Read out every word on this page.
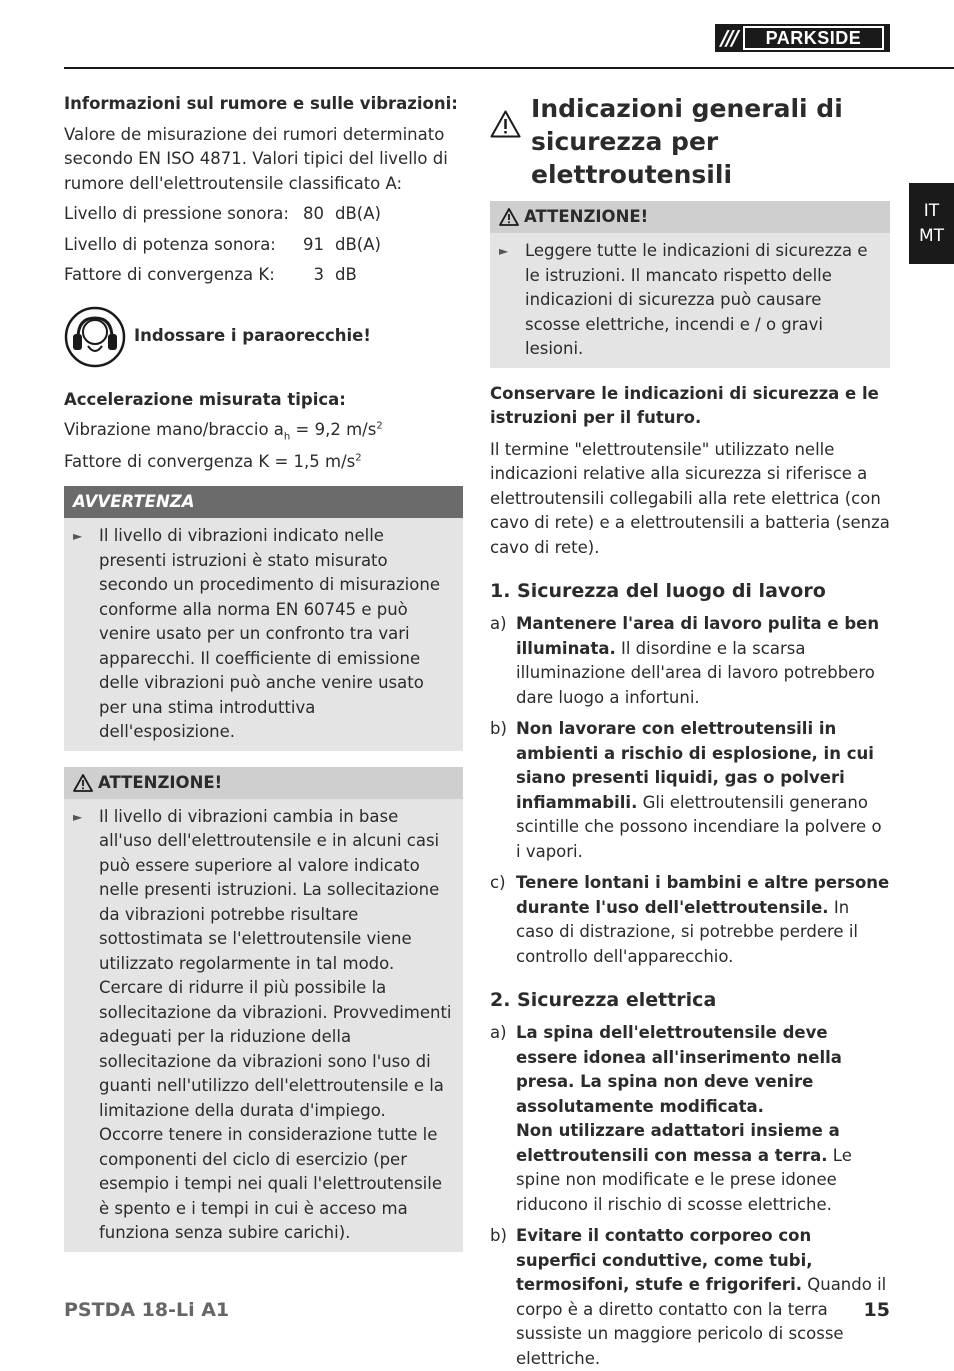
///	PARKSIDE
IT
MT

Informazioni sul rumore e sulle vibrazioni:

Valore de misurazione dei rumori determinato secondo EN ISO 4871. Valori tipici del livello di rumore dell'elettroutensile classificato A:

Livello di pressione sonora: 80 dB(A)
Livello di potenza sonora:	91 dB(A)
Fattore di convergenza K:	3 dB
Indossare i paraorecchie!

Accelerazione misurata tipica:

Vibrazione mano/braccio $a_h = 9,2$ $m/s^2$

Fattore di convergenza K = 1,5 $m/s^2$

AVVERTENZA
►	Il livello di vibrazioni indicato nelle presenti istruzioni è stato misurato secondo un procedimento di misurazione conforme alla norma EN 60745 e può venire usato per un confronto tra vari apparecchi. Il coefficiente di emissione delle vibrazioni può anche venire usato per una stima introduttiva dell'esposizione.
ATTENZIONE!
►	Il livello di vibrazioni cambia in base all'uso dell'elettroutensile e in alcuni casi può essere superiore al valore indicato nelle presenti istruzioni. La sollecitazione da vibrazioni potrebbe risultare sottostimata se l'elettroutensile viene utilizzato regolarmente in tal modo. Cercare di ridurre il più possibile la sollecitazione da vibrazioni. Provvedimenti adeguati per la riduzione della sollecitazione da vibrazioni sono l'uso di guanti nell'utilizzo dell'elettroutensile e la limitazione della durata d'impiego. Occorre tenere in considerazione tutte le componenti del ciclo di esercizio (per esempio i tempi nei quali l'elettroutensile è spento e i tempi in cui è acceso ma funziona senza subire carichi).
Indicazioni generali di sicurezza per elettroutensili
ATTENZIONE!
►	Leggere tutte le indicazioni di sicurezza e le istruzioni. Il mancato rispetto delle indicazioni di sicurezza può causare scosse elettriche, incendi e / o gravi lesioni.

Conservare le indicazioni di sicurezza e le istruzioni per il futuro.

Il termine "elettroutensile" utilizzato nelle indicazioni relative alla sicurezza si riferisce a elettroutensili collegabili alla rete elettrica (con cavo di rete) e a elettroutensili a batteria (senza cavo di rete).

1. Sicurezza del luogo di lavoro
a) Mantenere l'area di lavoro pulita e ben illuminata. Il disordine e la scarsa illuminazione dell'area di lavoro potrebbero dare luogo a infortuni.
b) Non lavorare con elettroutensili in ambienti a rischio di esplosione, in cui siano presenti liquidi, gas o polveri infiammabili. Gli elettroutensili generano scintille che possono incendiare la polvere o i vapori.
c) Tenere lontani i bambini e altre persone durante l'uso dell'elettroutensile. In caso di distrazione, si potrebbe perdere il controllo dell'apparecchio.
2. Sicurezza elettrica
a) La spina dell'elettroutensile deve essere idonea all'inserimento nella presa. La spina non deve venire assolutamente modificata.
Non utilizzare adattatori insieme a elettroutensili con messa a terra. Le spine non modificate e le prese idonee riducono il rischio di scosse elettriche.
b) Evitare il contatto corporeo con superfici conduttive, come tubi, termosifoni, stufe e frigoriferi. Quando il corpo è a diretto contatto con la terra sussiste un maggiore pericolo di scosse elettriche.
PSTDA 18-Li A1	15
